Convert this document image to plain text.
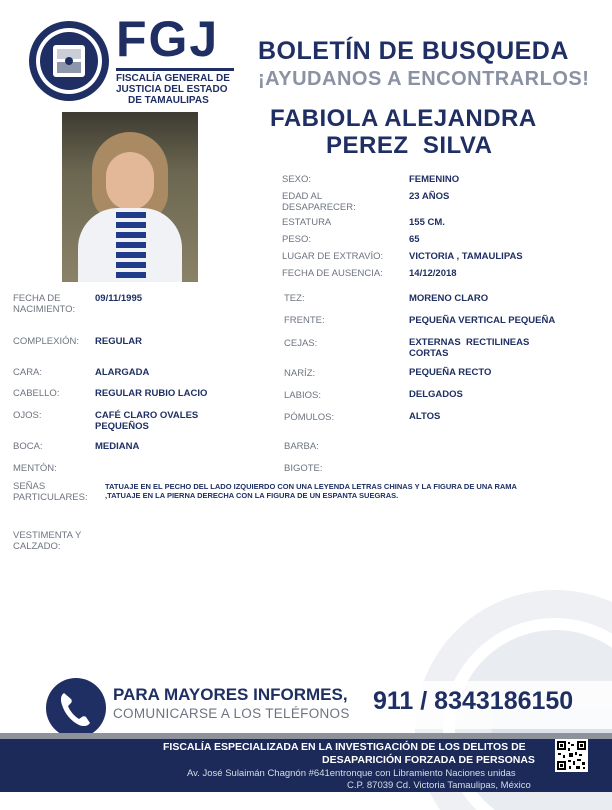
FGJ
FISCALÍA GENERAL DE
JUSTICIA DEL ESTADO
DE TAMAULIPAS
BOLETÍN DE BUSQUEDA
¡AYUDANOS A ENCONTRARLOS!
FABIOLA ALEJANDRA
PEREZ  SILVA
SEXO:	FEMENINO
EDAD AL DESAPARECER:
23 AÑOS
ESTATURA	155 CM.
PESO:	65
LUGAR DE EXTRAVÍO:	VICTORIA , TAMAULIPAS
FECHA DE AUSENCIA:	14/12/2018
FECHA DE NACIMIENTO:
09/11/1995
COMPLEXIÓN: REGULAR
CARA:	ALARGADA
CABELLO:	REGULAR RUBIO LACIO
OJOS:	CAFÉ CLARO OVALES PEQUEÑOS
BOCA:	MEDIANA
MENTÓN:
TEZ:	MORENO CLARO
FRENTE:	PEQUEÑA VERTICAL PEQUEÑA
CEJAS:	EXTERNAS  RECTILINEAS CORTAS
NARÍZ:	PEQUEÑA RECTO
LABIOS:	DELGADOS
PÓMULOS:	ALTOS
BARBA:
BIGOTE:
SEÑAS PARTICULARES:
TATUAJE EN EL PECHO DEL LADO IZQUIERDO CON UNA LEYENDA LETRAS CHINAS Y LA FIGURA DE UNA RAMA
,TATUAJE EN LA PIERNA DERECHA CON LA FIGURA DE UN ESPANTA SUEGRAS.
VESTIMENTA Y CALZADO:
PARA MAYORES INFORMES,
COMUNICARSE A LOS TELÉFONOS 911 / 8343186150
FISCALÍA ESPECIALIZADA EN LA INVESTIGACIÓN DE LOS DELITOS DE
DESAPARICIÓN FORZADA DE PERSONAS
Av. José Sulaimán Chagnón #641entronque con Libramiento Naciones unidas
C.P. 87039 Cd. Victoria Tamaulipas, México
